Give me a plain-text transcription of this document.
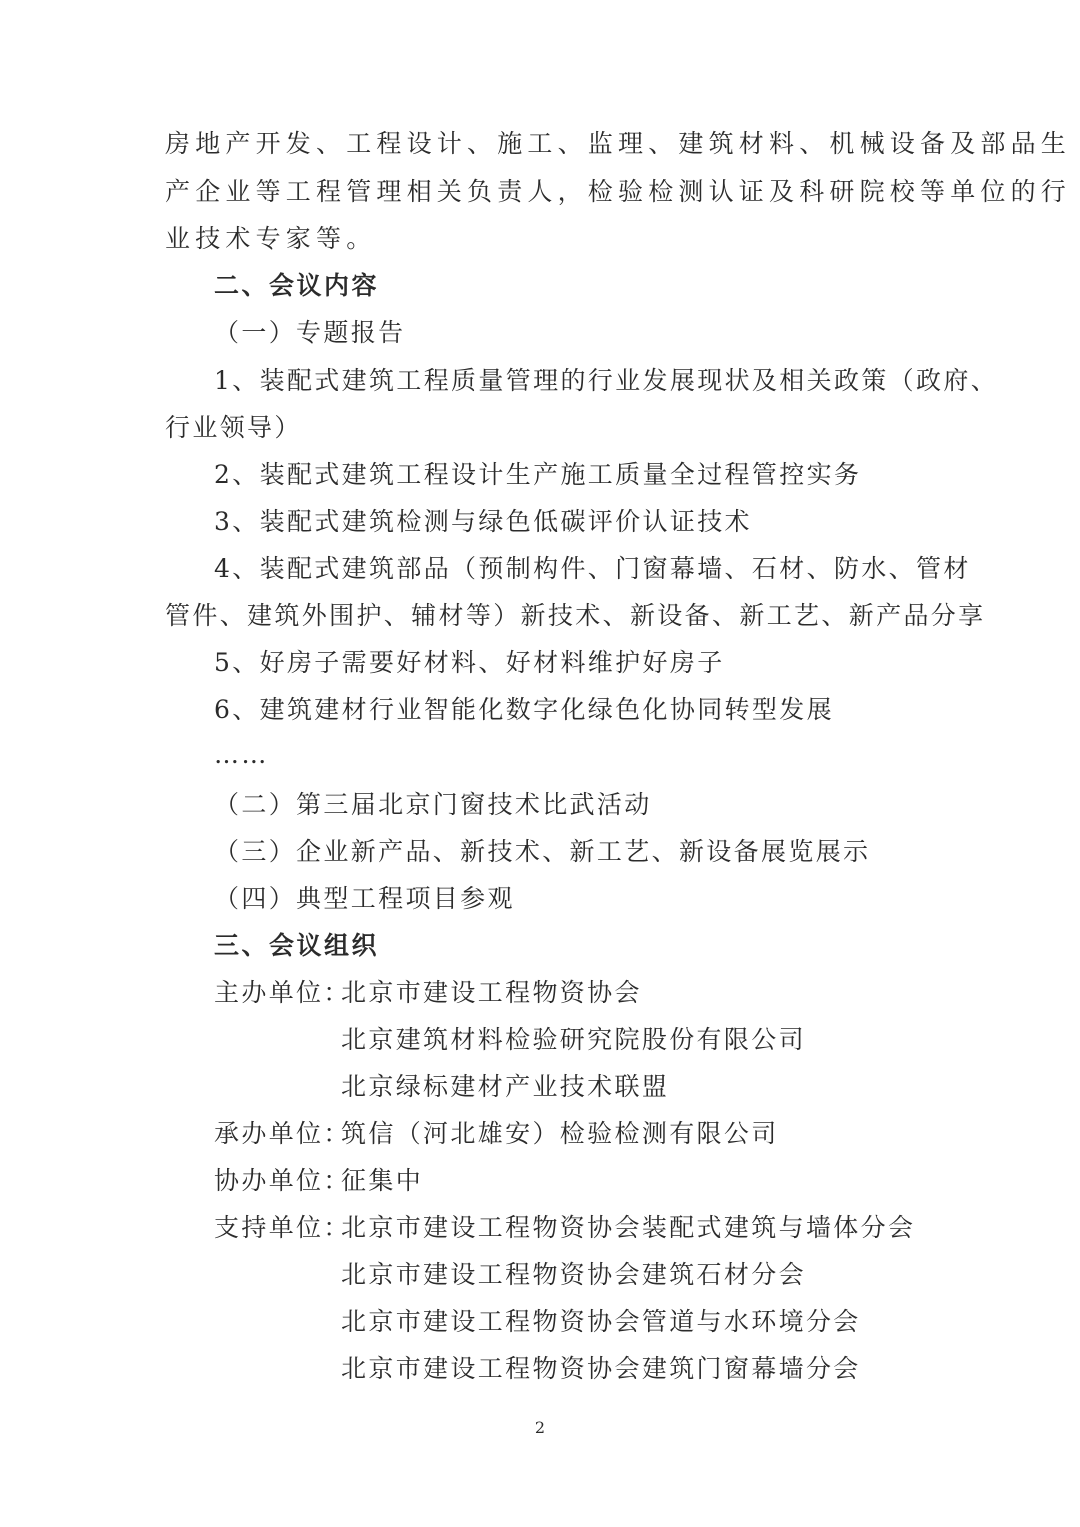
房地产开发、工程设计、施工、监理、建筑材料、机械设备及部品生
产企业等工程管理相关负责人，检验检测认证及科研院校等单位的行
业技术专家等。
二、会议内容
（一）专题报告
1、装配式建筑工程质量管理的行业发展现状及相关政策（政府、
行业领导）
2、装配式建筑工程设计生产施工质量全过程管控实务
3、装配式建筑检测与绿色低碳评价认证技术
4、装配式建筑部品（预制构件、门窗幕墙、石材、防水、管材
管件、建筑外围护、辅材等）新技术、新设备、新工艺、新产品分享
5、好房子需要好材料、好材料维护好房子
6、建筑建材行业智能化数字化绿色化协同转型发展
……
（二）第三届北京门窗技术比武活动
（三）企业新产品、新技术、新工艺、新设备展览展示
（四）典型工程项目参观
三、会议组织
主办单位：
北京市建设工程物资协会
北京建筑材料检验研究院股份有限公司
北京绿标建材产业技术联盟
承办单位：
筑信（河北雄安）检验检测有限公司
协办单位：
征集中
支持单位：
北京市建设工程物资协会装配式建筑与墙体分会
北京市建设工程物资协会建筑石材分会
北京市建设工程物资协会管道与水环境分会
北京市建设工程物资协会建筑门窗幕墙分会
2
